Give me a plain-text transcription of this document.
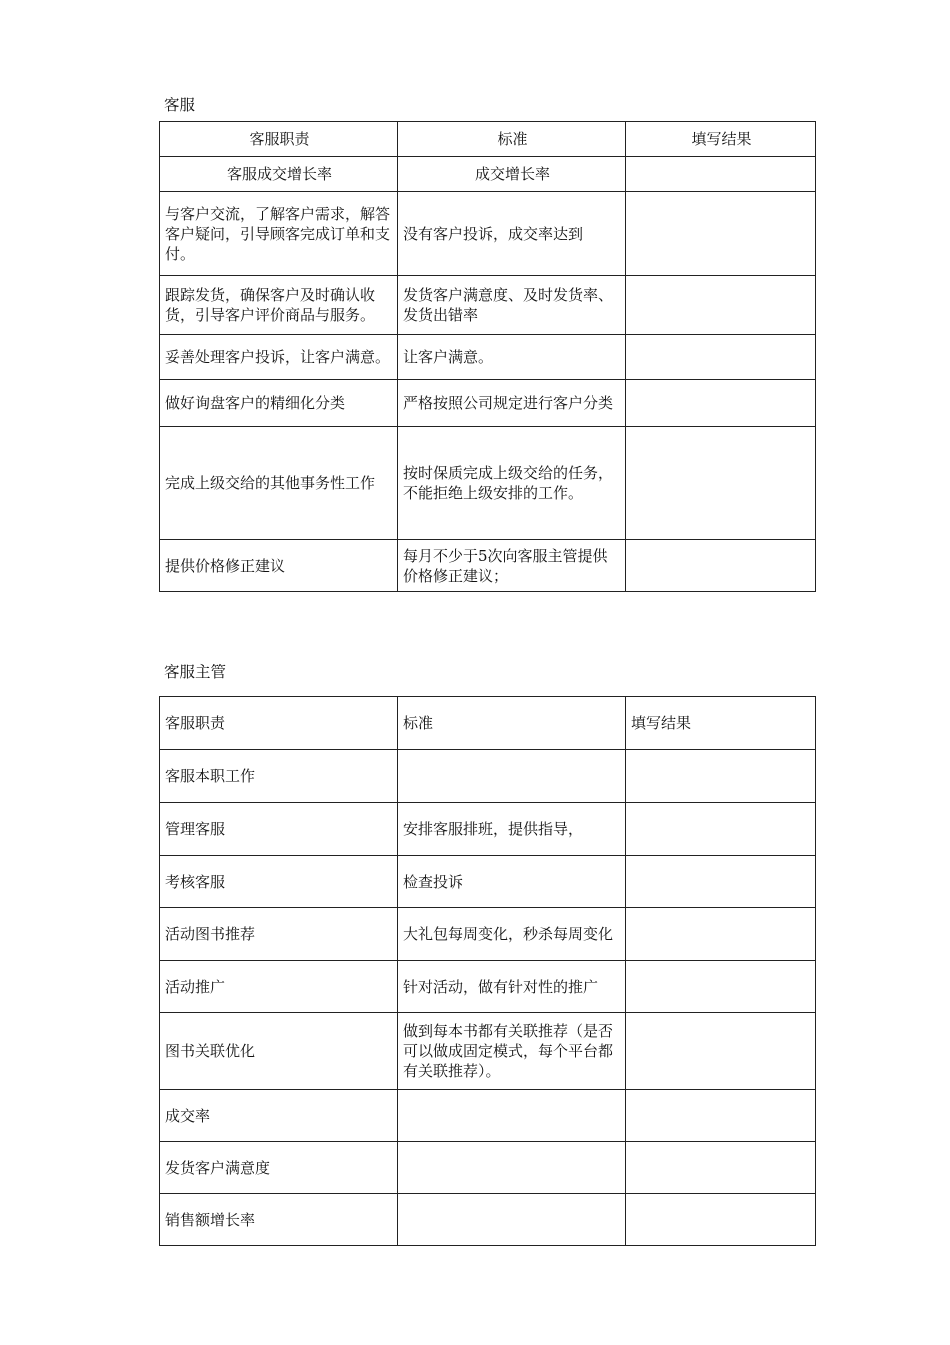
客服
客服职责	标准	填写结果
客服成交增长率	成交增长率	
与客户交流，了解客户需求，解答客户疑问，引导顾客完成订单和支付。	没有客户投诉，成交率达到	
跟踪发货，确保客户及时确认收货，引导客户评价商品与服务。	发货客户满意度、及时发货率、发货出错率	
妥善处理客户投诉，让客户满意。	让客户满意。	
做好询盘客户的精细化分类	严格按照公司规定进行客户分类	
完成上级交给的其他事务性工作	按时保质完成上级交给的任务，不能拒绝上级安排的工作。	
提供价格修正建议	每月不少于5次向客服主管提供价格修正建议；	
客服主管
客服职责	标准	填写结果
客服本职工作		
管理客服	安排客服排班，提供指导，	
考核客服	检查投诉	
活动图书推荐	大礼包每周变化，秒杀每周变化	
活动推广	针对活动，做有针对性的推广	
图书关联优化	做到每本书都有关联推荐（是否可以做成固定模式，每个平台都有关联推荐）。	
成交率		
发货客户满意度		
销售额增长率		
